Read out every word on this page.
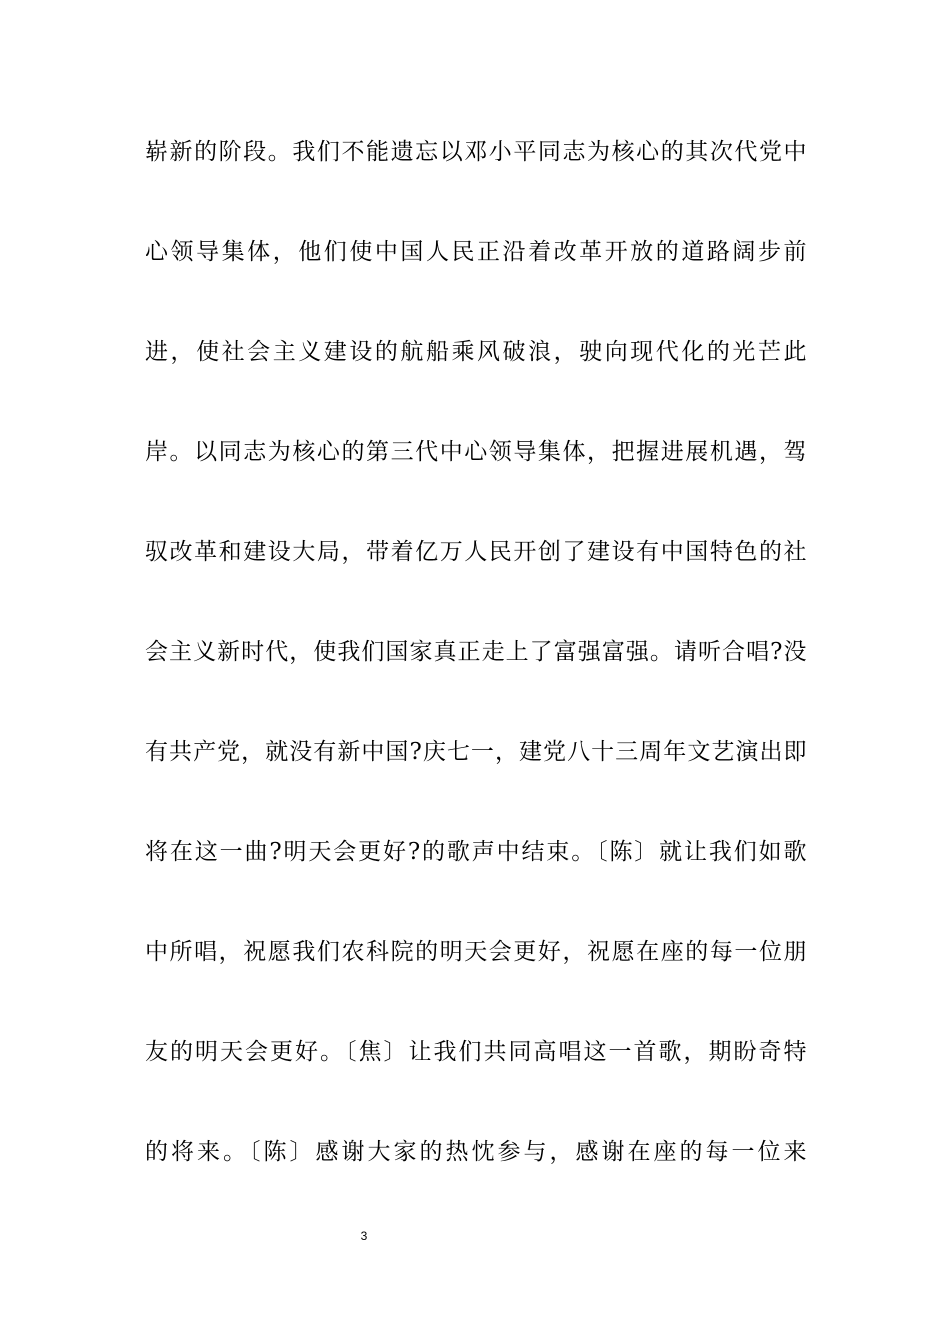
崭新的阶段。我们不能遗忘以邓小平同志为核心的其次代党中
心领导集体，他们使中国人民正沿着改革开放的道路阔步前
进，使社会主义建设的航船乘风破浪，驶向现代化的光芒此
岸。以同志为核心的第三代中心领导集体，把握进展机遇，驾
驭改革和建设大局，带着亿万人民开创了建设有中国特色的社
会主义新时代，使我们国家真正走上了富强富强。请听合唱?没
有共产党，就没有新中国?庆七一，建党八十三周年文艺演出即
将在这一曲?明天会更好?的歌声中结束。〔陈〕就让我们如歌
中所唱，祝愿我们农科院的明天会更好，祝愿在座的每一位朋
友的明天会更好。〔焦〕让我们共同高唱这一首歌，期盼奇特
的将来。〔陈〕感谢大家的热忱参与，感谢在座的每一位来
3
